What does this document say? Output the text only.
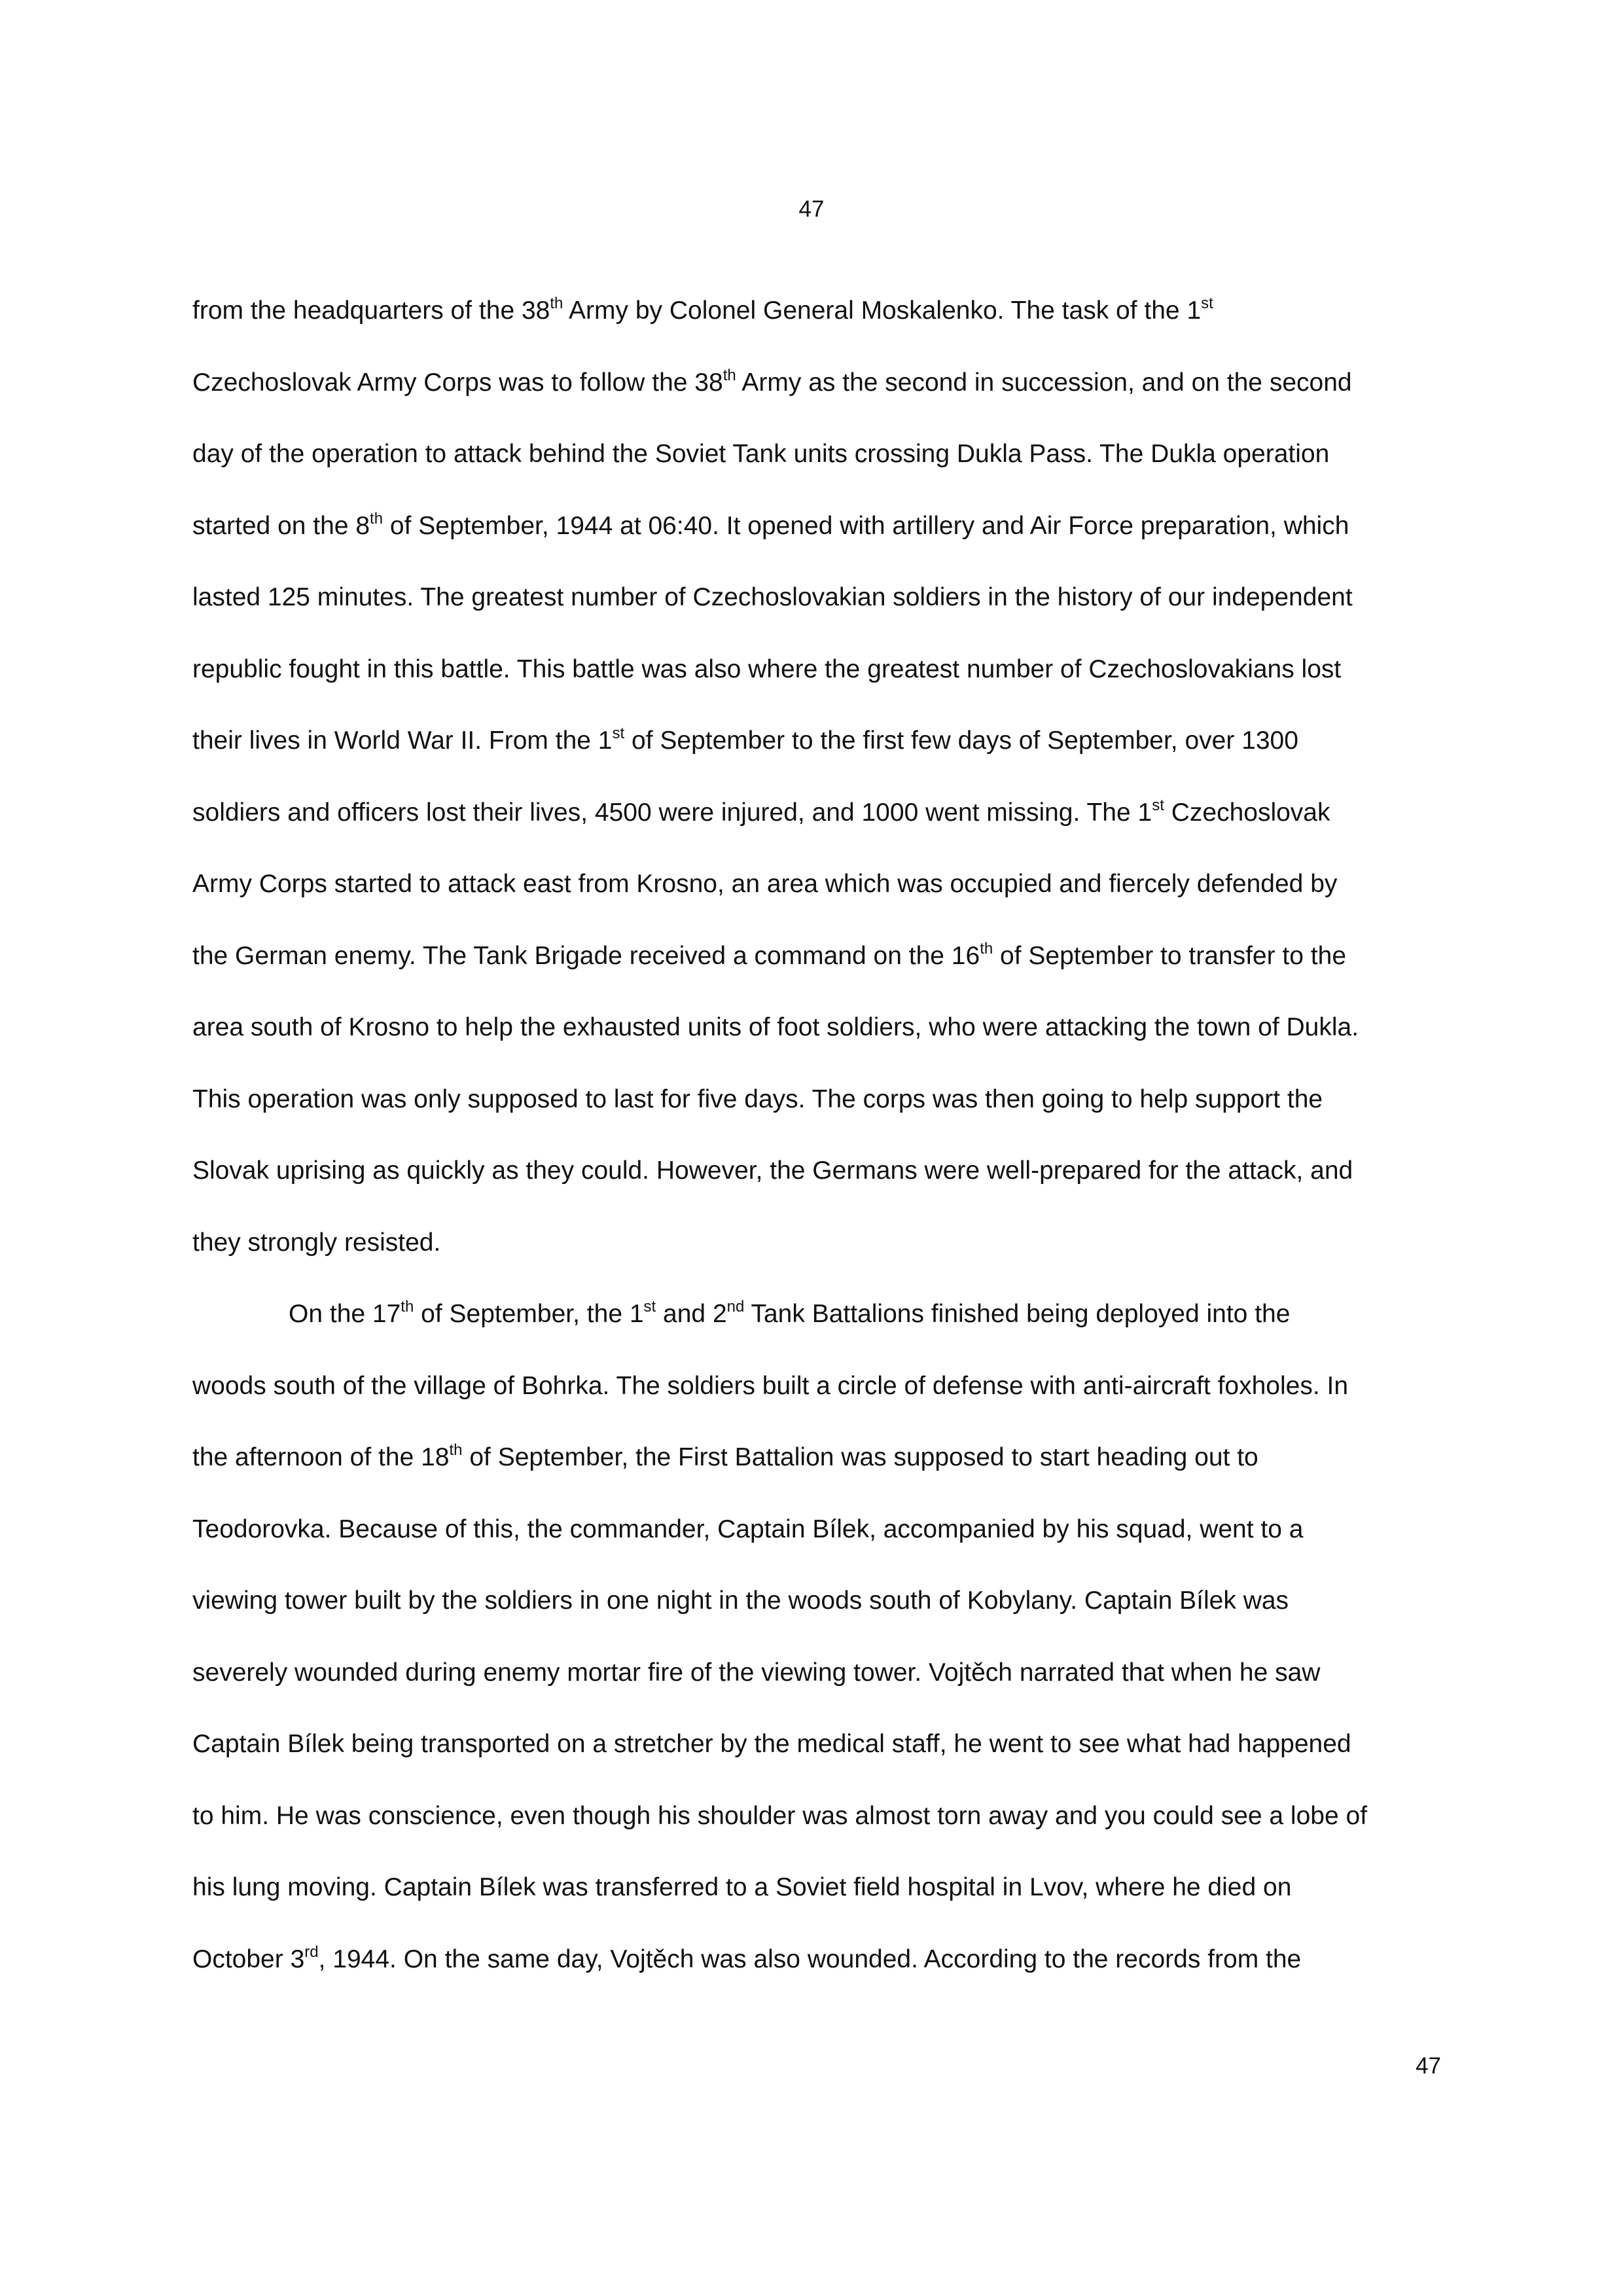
47
from the headquarters of the 38th Army by Colonel General Moskalenko. The task of the 1st
Czechoslovak Army Corps was to follow the 38th Army as the second in succession, and on the second
day of the operation to attack behind the Soviet Tank units crossing Dukla Pass. The Dukla operation
started on the 8th of September, 1944 at 06:40. It opened with artillery and Air Force preparation, which
lasted 125 minutes. The greatest number of Czechoslovakian soldiers in the history of our independent
republic fought in this battle. This battle was also where the greatest number of Czechoslovakians lost
their lives in World War II. From the 1st of September to the first few days of September, over 1300
soldiers and officers lost their lives, 4500 were injured, and 1000 went missing. The 1st Czechoslovak
Army Corps started to attack east from Krosno, an area which was occupied and fiercely defended by
the German enemy. The Tank Brigade received a command on the 16th of September to transfer to the
area south of Krosno to help the exhausted units of foot soldiers, who were attacking the town of Dukla.
This operation was only supposed to last for five days. The corps was then going to help support the
Slovak uprising as quickly as they could. However, the Germans were well-prepared for the attack, and
they strongly resisted.
On the 17th of September, the 1st and 2nd Tank Battalions finished being deployed into the
woods south of the village of Bohrka. The soldiers built a circle of defense with anti-aircraft foxholes. In
the afternoon of the 18th of September, the First Battalion was supposed to start heading out to
Teodorovka. Because of this, the commander, Captain Bílek, accompanied by his squad, went to a
viewing tower built by the soldiers in one night in the woods south of Kobylany. Captain Bílek was
severely wounded during enemy mortar fire of the viewing tower. Vojtěch narrated that when he saw
Captain Bílek being transported on a stretcher by the medical staff, he went to see what had happened
to him. He was conscience, even though his shoulder was almost torn away and you could see a lobe of
his lung moving. Captain Bílek was transferred to a Soviet field hospital in Lvov, where he died on
October 3rd, 1944. On the same day, Vojtěch was also wounded. According to the records from the
47
